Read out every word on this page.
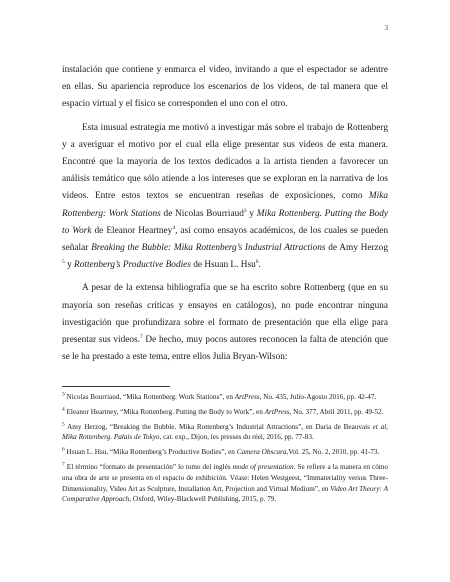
3

instalación que contiene y enmarca el video, invitando a que el espectador se adentre en ellas. Su apariencia reproduce los escenarios de los videos, de tal manera que el espacio virtual y el físico se corresponden el uno con el otro.

Esta inusual estrategia me motivó a investigar más sobre el trabajo de Rottenberg y a averiguar el motivo por el cual ella elige presentar sus videos de esta manera. Encontré que la mayoría de los textos dedicados a la artista tienden a favorecer un análisis temático que sólo atiende a los intereses que se exploran en la narrativa de los videos. Entre estos textos se encuentran reseñas de exposiciones, como Mika Rottenberg: Work Stations de Nicolas Bourriaud$^3$ y Mika Rottenberg. Putting the Body to Work de Eleanor Heartney$^4$, así como ensayos académicos, de los cuales se pueden señalar Breaking the Bubble: Mika Rottenberg’s Industrial Attractions de Amy Herzog $^5$ y Rottenberg’s Productive Bodies de Hsuan L. Hsu$^6$.

A pesar de la extensa bibliografía que se ha escrito sobre Rottenberg (que en su mayoría son reseñas críticas y ensayos en catálogos), no pude encontrar ninguna investigación que profundizara sobre el formato de presentación que ella elige para presentar sus videos.$^7$ De hecho, muy pocos autores reconocen la falta de atención que se le ha prestado a este tema, entre ellos Julia Bryan-Wilson:

$^3$ Nicolas Bourriaud, “Mika Rottenberg: Work Stations”, en ArtPress, No. 435, Julio-Agosto 2016, pp. 42-47.

$^4$ Eleanor Heartney, “Mika Rottenberg. Putting the Body to Work”, en ArtPress, No. 377, Abril 2011, pp. 49-52.

$^5$ Amy Herzog, “Breaking the Bubble. Mika Rottenberg’s Industrial Attractions”, en Daria de Beauvais et al, Mika Rottenberg. Palais de Tokyo, cat. exp., Dijon, les presses du réel, 2016, pp. 77-83.

$^6$ Hsuan L. Hsu, “Mika Rottenberg’s Productive Bodies”, en Camera Obscura,Vol. 25, No. 2, 2010, pp. 41-73.

$^7$ El término “formato de presentación” lo tomo del inglés mode of presentation. Se refiere a la manera en cómo una obra de arte se presenta en el espacio de exhibición. Véase: Helen Westgeest, “Immateriality versus Three-Dimensionality, Video Art as Sculpture, Installation Art, Projection and Virtual Medium”, en Video Art Theory: A Comparative Approach, Oxford, Wiley-Blackwell Publishing, 2015, p. 79.
